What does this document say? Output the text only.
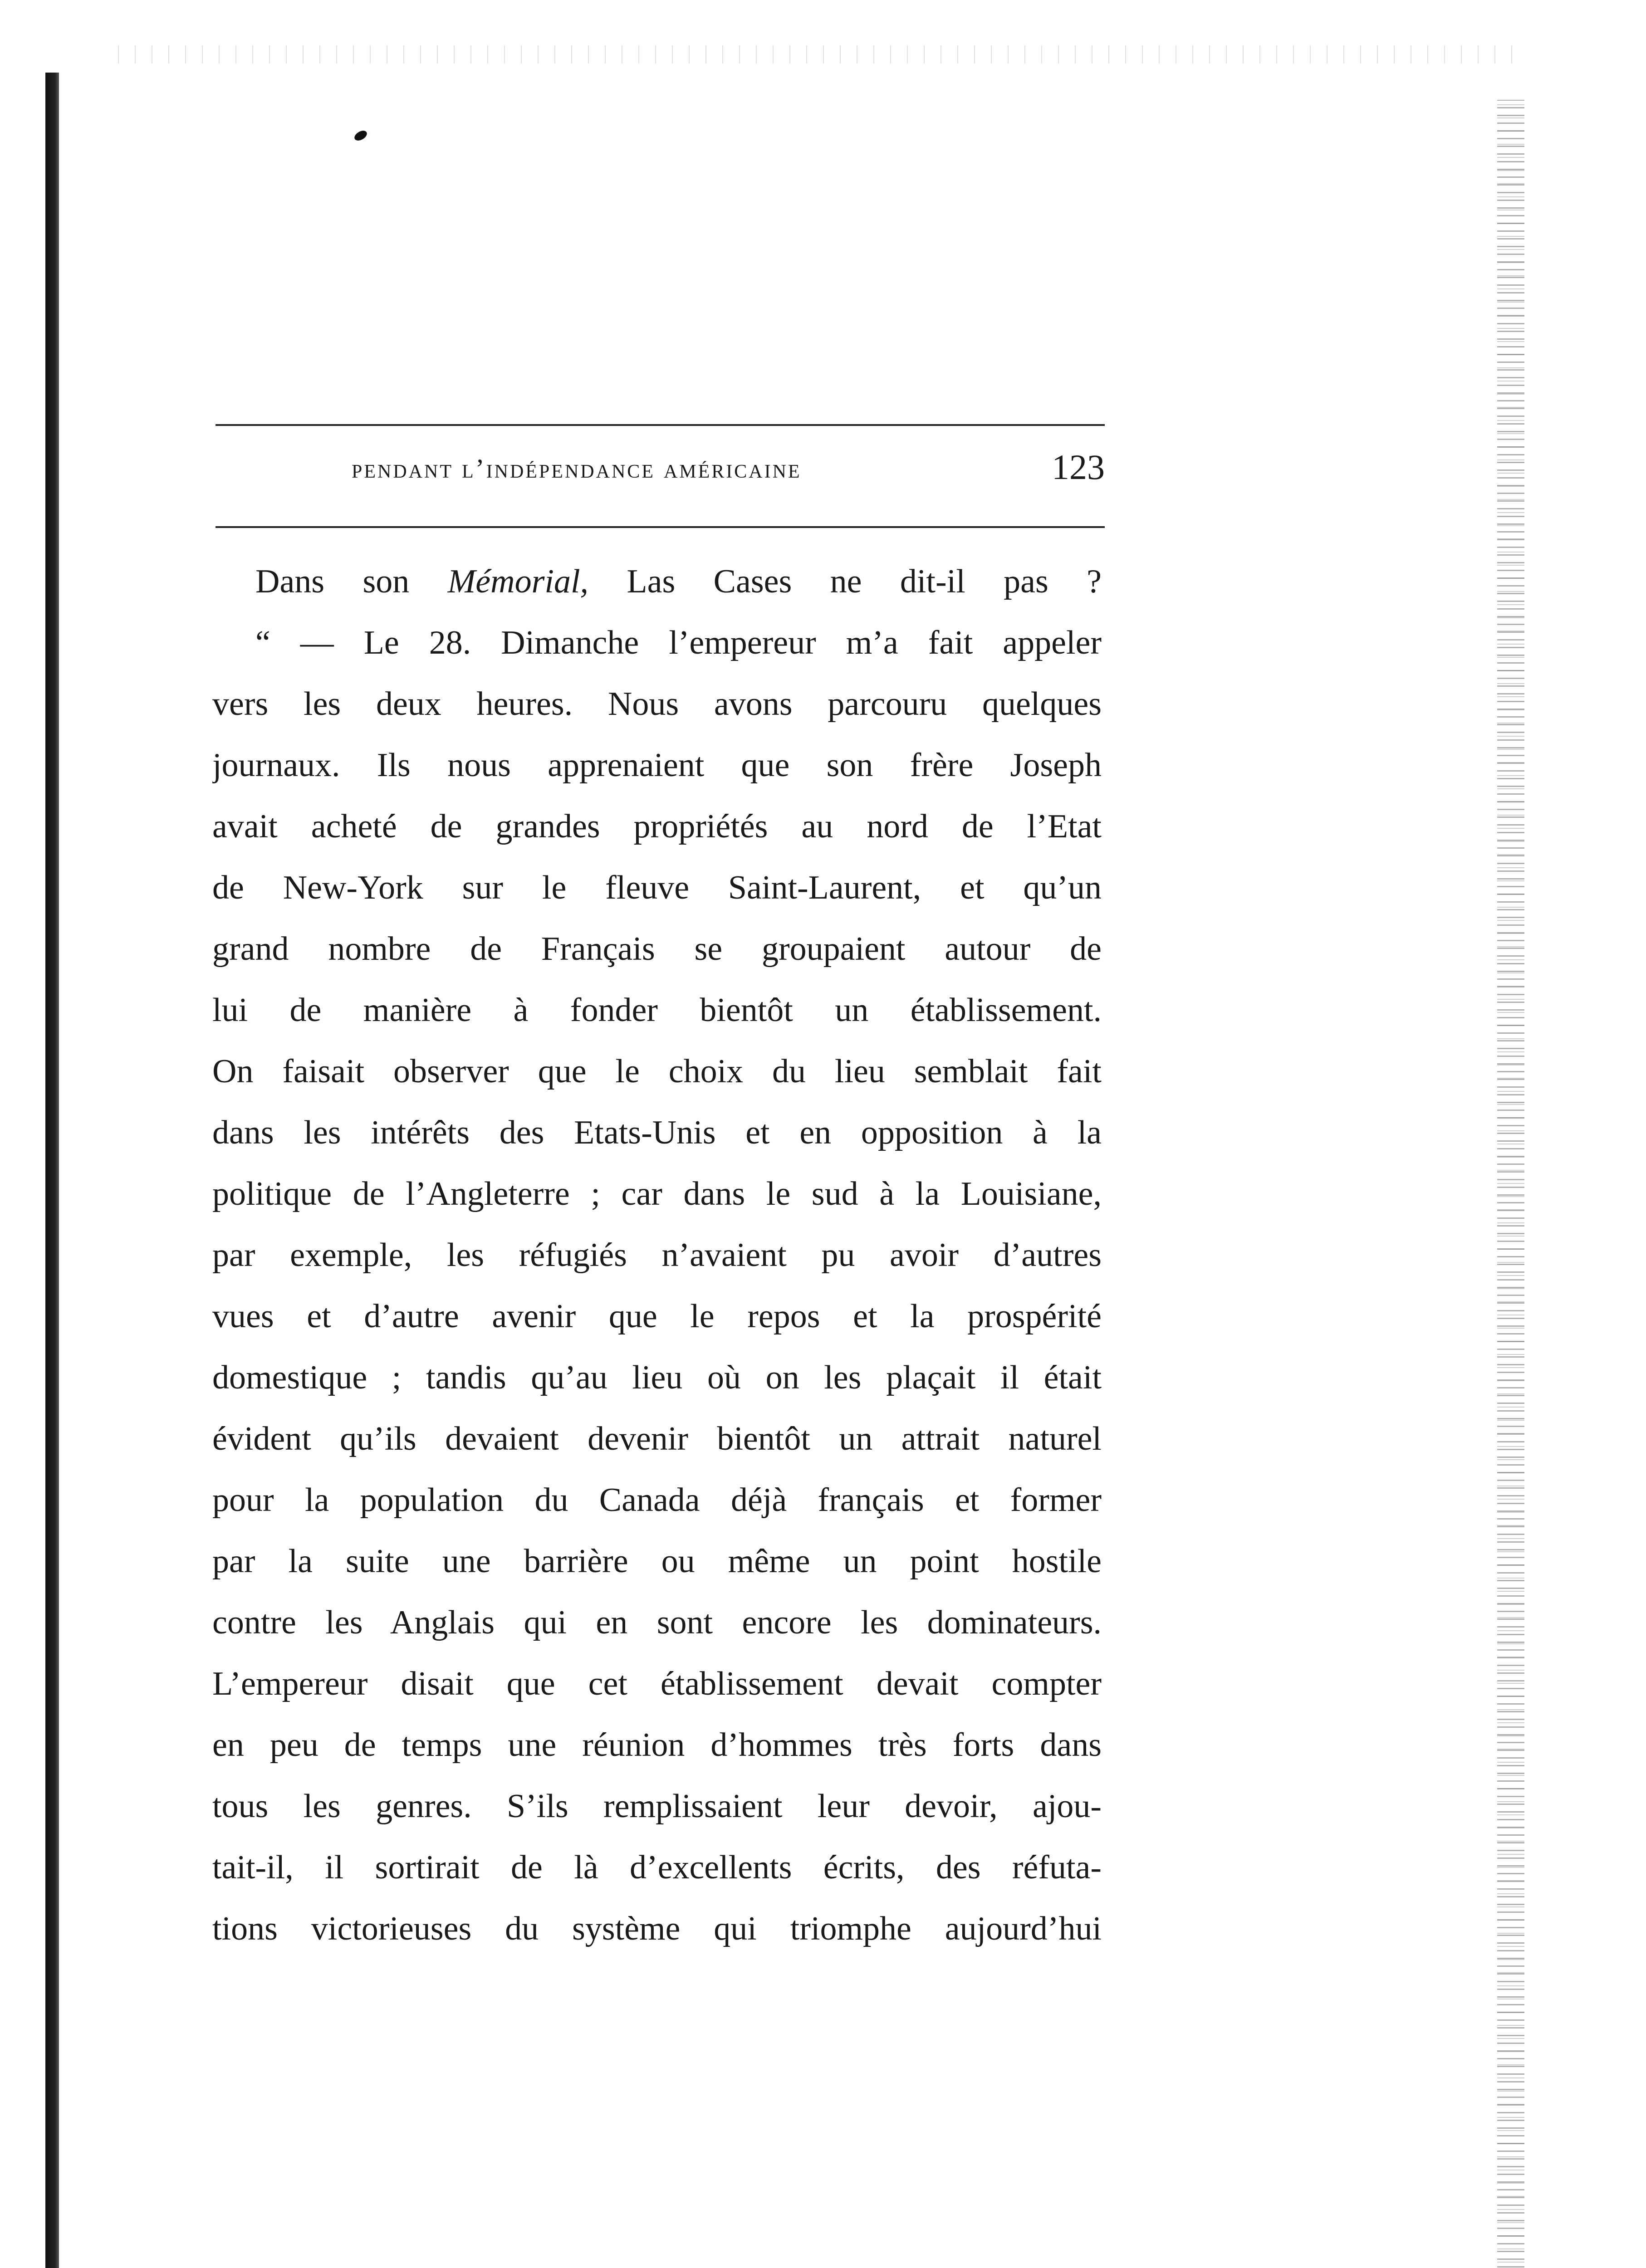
pendant l’indépendance américaine	123
Dans son Mémorial, Las Cases ne dit-il pas ?
“ — Le 28. Dimanche l’empereur m’a fait appeler
vers les deux heures. Nous avons parcouru quelques
journaux. Ils nous apprenaient que son frère Joseph
avait acheté de grandes propriétés au nord de l’Etat
de New-York sur le fleuve Saint-Laurent, et qu’un
grand nombre de Français se groupaient autour de
lui de manière à fonder bientôt un établissement.
On faisait observer que le choix du lieu semblait fait
dans les intérêts des Etats-Unis et en opposition à la
politique de l’Angleterre ; car dans le sud à la Louisiane,
par exemple, les réfugiés n’avaient pu avoir d’autres
vues et d’autre avenir que le repos et la prospérité
domestique ; tandis qu’au lieu où on les plaçait il était
évident qu’ils devaient devenir bientôt un attrait naturel
pour la population du Canada déjà français et former
par la suite une barrière ou même un point hostile
contre les Anglais qui en sont encore les dominateurs.
L’empereur disait que cet établissement devait compter
en peu de temps une réunion d’hommes très forts dans
tous les genres. S’ils remplissaient leur devoir, ajou-
tait-il, il sortirait de là d’excellents écrits, des réfuta-
tions victorieuses du système qui triomphe aujourd’hui
